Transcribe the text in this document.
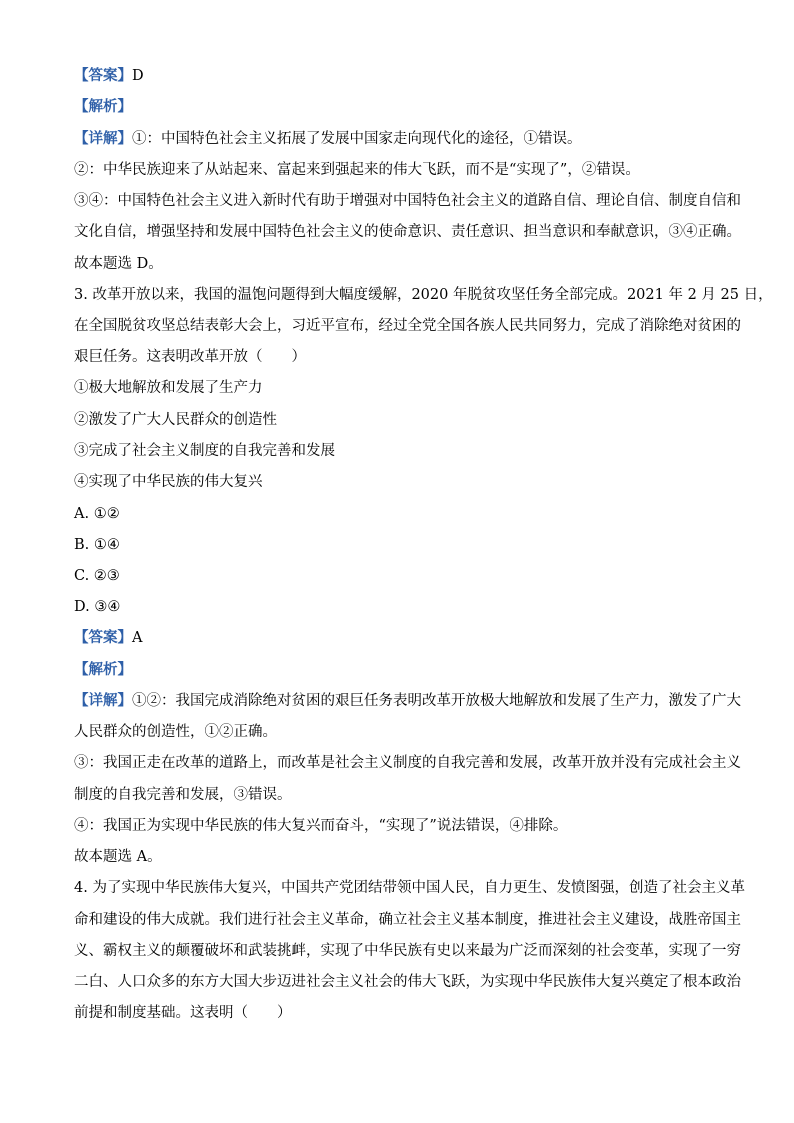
【答案】D
【解析】
【详解】①：中国特色社会主义拓展了发展中国家走向现代化的途径，①错误。
②：中华民族迎来了从站起来、富起来到强起来的伟大飞跃，而不是“实现了”，②错误。
③④：中国特色社会主义进入新时代有助于增强对中国特色社会主义的道路自信、理论自信、制度自信和
文化自信，增强坚持和发展中国特色社会主义的使命意识、责任意识、担当意识和奉献意识，③④正确。
故本题选 D。
3. 改革开放以来，我国的温饱问题得到大幅度缓解，2020 年脱贫攻坚任务全部完成。2021 年 2 月 25 日，
在全国脱贫攻坚总结表彰大会上，习近平宣布，经过全党全国各族人民共同努力，完成了消除绝对贫困的
艰巨任务。这表明改革开放（　　）
①极大地解放和发展了生产力
②激发了广大人民群众的创造性
③完成了社会主义制度的自我完善和发展
④实现了中华民族的伟大复兴
A. ①②
B. ①④
C. ②③
D. ③④
【答案】A
【解析】
【详解】①②：我国完成消除绝对贫困的艰巨任务表明改革开放极大地解放和发展了生产力，激发了广大
人民群众的创造性，①②正确。
③：我国正走在改革的道路上，而改革是社会主义制度的自我完善和发展，改革开放并没有完成社会主义
制度的自我完善和发展，③错误。
④：我国正为实现中华民族的伟大复兴而奋斗，“实现了”说法错误，④排除。
故本题选 A。
4. 为了实现中华民族伟大复兴，中国共产党团结带领中国人民，自力更生、发愤图强，创造了社会主义革
命和建设的伟大成就。我们进行社会主义革命，确立社会主义基本制度，推进社会主义建设，战胜帝国主
义、霸权主义的颠覆破坏和武装挑衅，实现了中华民族有史以来最为广泛而深刻的社会变革，实现了一穷
二白、人口众多的东方大国大步迈进社会主义社会的伟大飞跃，为实现中华民族伟大复兴奠定了根本政治
前提和制度基础。这表明（　　）
